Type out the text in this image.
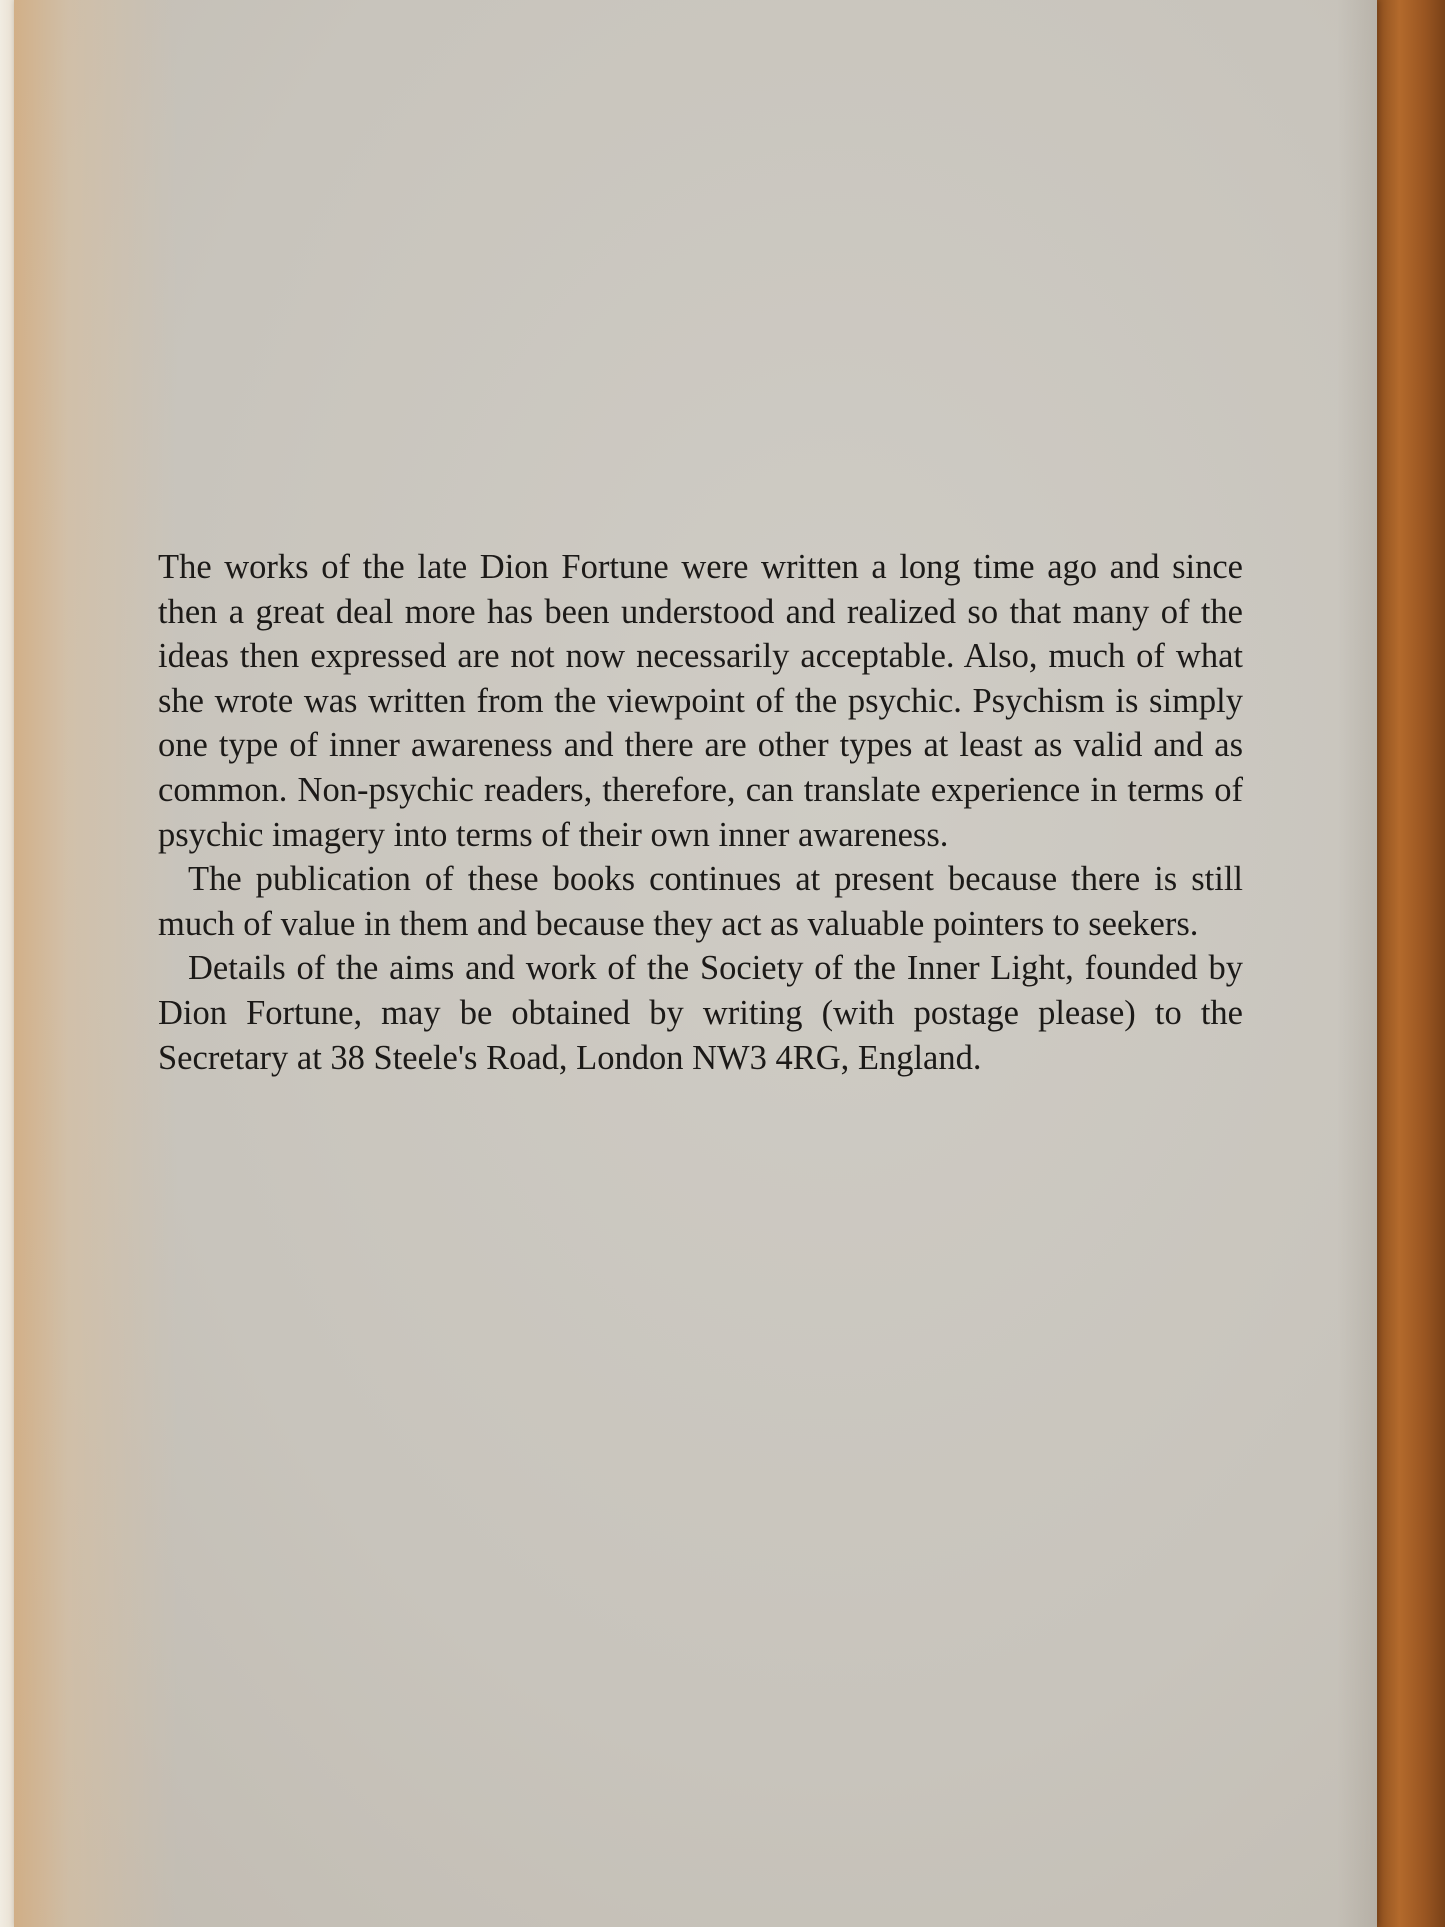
The works of the late Dion Fortune were written a long time ago and since then a great deal more has been understood and realized so that many of the ideas then expressed are not now necessarily acceptable. Also, much of what she wrote was written from the viewpoint of the psychic. Psychism is simply one type of inner awareness and there are other types at least as valid and as common. Non-psychic readers, therefore, can translate experience in terms of psychic imagery into terms of their own inner awareness.

The publication of these books continues at present because there is still much of value in them and because they act as valuable pointers to seekers.

Details of the aims and work of the Society of the Inner Light, founded by Dion Fortune, may be obtained by writing (with postage please) to the Secretary at 38 Steele's Road, London NW3 4RG, England.
